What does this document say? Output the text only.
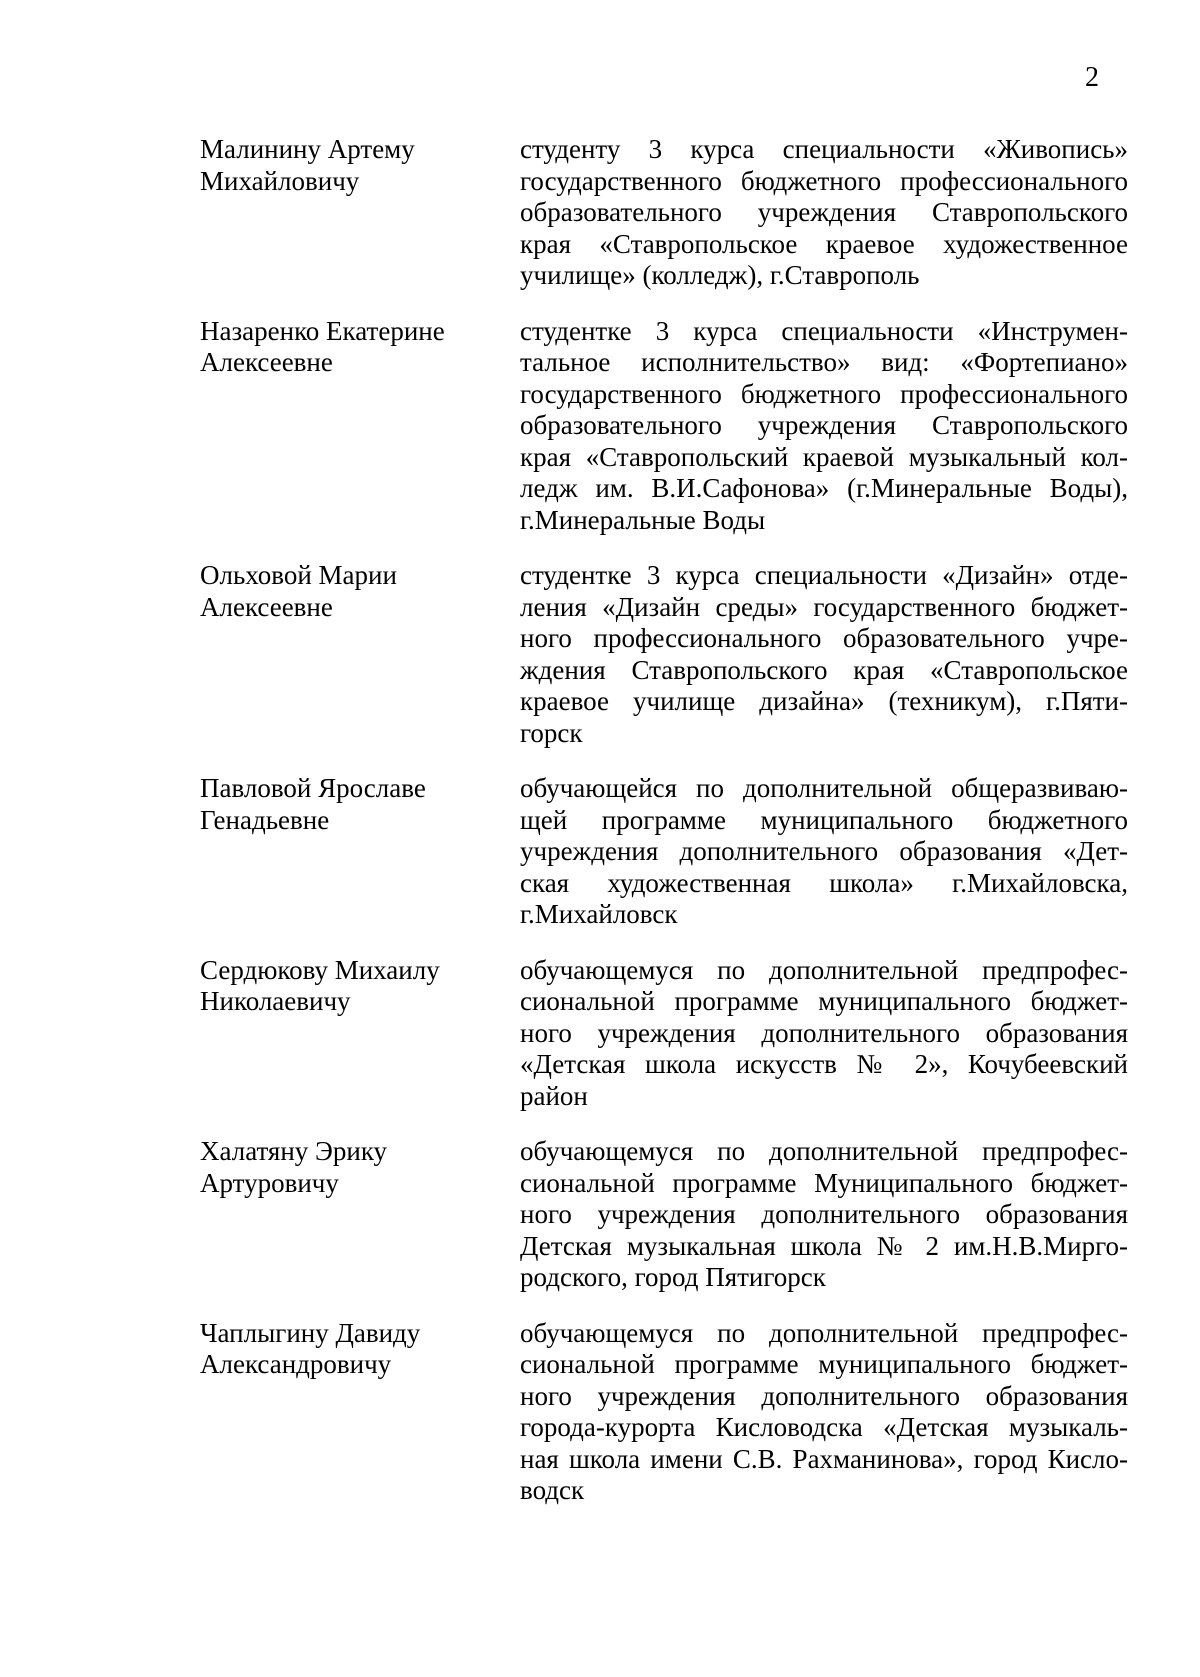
2
Малинину Артему
Михайловичу
студенту 3 курса специальности «Живопись»
государственного бюджетного профессионального
образовательного учреждения Ставропольского
края «Ставропольское краевое художественное
училище» (колледж), г.Ставрополь
Назаренко Екатерине
Алексеевне
студентке 3 курса специальности «Инструмен-
тальное исполнительство» вид: «Фортепиано»
государственного бюджетного профессионального
образовательного учреждения Ставропольского
края «Ставропольский краевой музыкальный кол-
ледж им. В.И.Сафонова» (г.Минеральные Воды),
г.Минеральные Воды
Ольховой Марии
Алексеевне
студентке 3 курса специальности «Дизайн» отде-
ления «Дизайн среды» государственного бюджет-
ного профессионального образовательного учре-
ждения Ставропольского края «Ставропольское
краевое училище дизайна» (техникум), г.Пяти-
горск
Павловой Ярославе
Генадьевне
обучающейся по дополнительной общеразвиваю-
щей программе муниципального бюджетного
учреждения дополнительного образования «Дет-
ская художественная школа» г.Михайловска,
г.Михайловск
Сердюкову Михаилу
Николаевичу
обучающемуся по дополнительной предпрофес-
сиональной программе муниципального бюджет-
ного учреждения дополнительного образования
«Детская школа искусств № 2», Кочубеевский
район
Халатяну Эрику
Артуровичу
обучающемуся по дополнительной предпрофес-
сиональной программе Муниципального бюджет-
ного учреждения дополнительного образования
Детская музыкальная школа № 2 им.Н.В.Мирго-
родского, город Пятигорск
Чаплыгину Давиду
Александровичу
обучающемуся по дополнительной предпрофес-
сиональной программе муниципального бюджет-
ного учреждения дополнительного образования
города-курорта Кисловодска «Детская музыкаль-
ная школа имени С.В. Рахманинова», город Кисло-
водск
